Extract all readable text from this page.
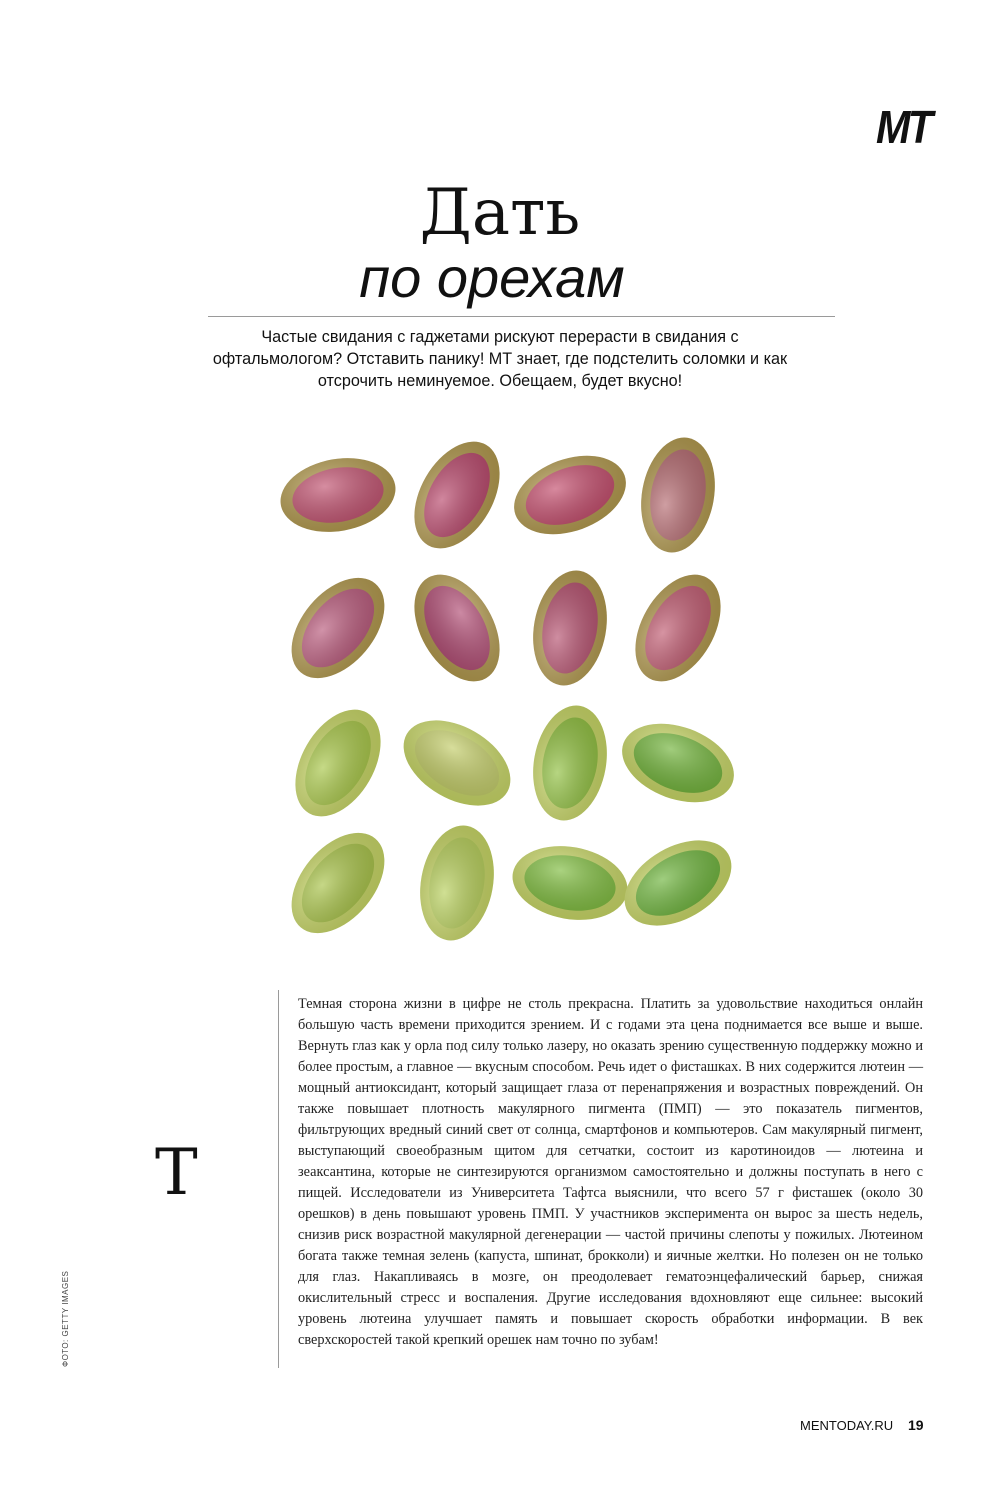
MT
Дать
по орехам
Частые свидания с гаджетами рискуют перерасти в свидания с офтальмологом? Отставить панику! МТ знает, где подстелить соломки и как отсрочить неминуемое. Обещаем, будет вкусно!
Т
Темная сторона жизни в цифре не столь прекрасна. Платить за удовольствие находиться онлайн большую часть времени приходится зрением. И с годами эта цена поднимается все выше и выше. Вернуть глаз как у орла под силу только лазеру, но оказать зрению существенную поддержку можно и более простым, а главное — вкусным способом. Речь идет о фисташках. В них содержится лютеин — мощный антиоксидант, который защищает глаза от перенапряжения и возрастных повреждений. Он также повышает плотность макулярного пигмента (ПМП) — это показатель пигментов, фильтрующих вредный синий свет от солнца, смартфонов и компьютеров. Сам макулярный пигмент, выступающий своеобразным щитом для сетчатки, состоит из каротиноидов — лютеина и зеаксантина, которые не синтезируются организмом самостоятельно и должны поступать в него с пищей. Исследователи из Университета Тафтса выяснили, что всего 57 г фисташек (около 30 орешков) в день повышают уровень ПМП. У участников эксперимента он вырос за шесть недель, снизив риск возрастной макулярной дегенерации — частой причины слепоты у пожилых. Лютеином богата также темная зелень (капуста, шпинат, брокколи) и яичные желтки. Но полезен он не только для глаз. Накапливаясь в мозге, он преодолевает гематоэнцефалический барьер, снижая окислительный стресс и воспаления. Другие исследования вдохновляют еще сильнее: высокий уровень лютеина улучшает память и повышает скорость обработки информации. В век сверхскоростей такой крепкий орешек нам точно по зубам!
ФОТО: GETTY IMAGES
MENTODAY.RU 19
